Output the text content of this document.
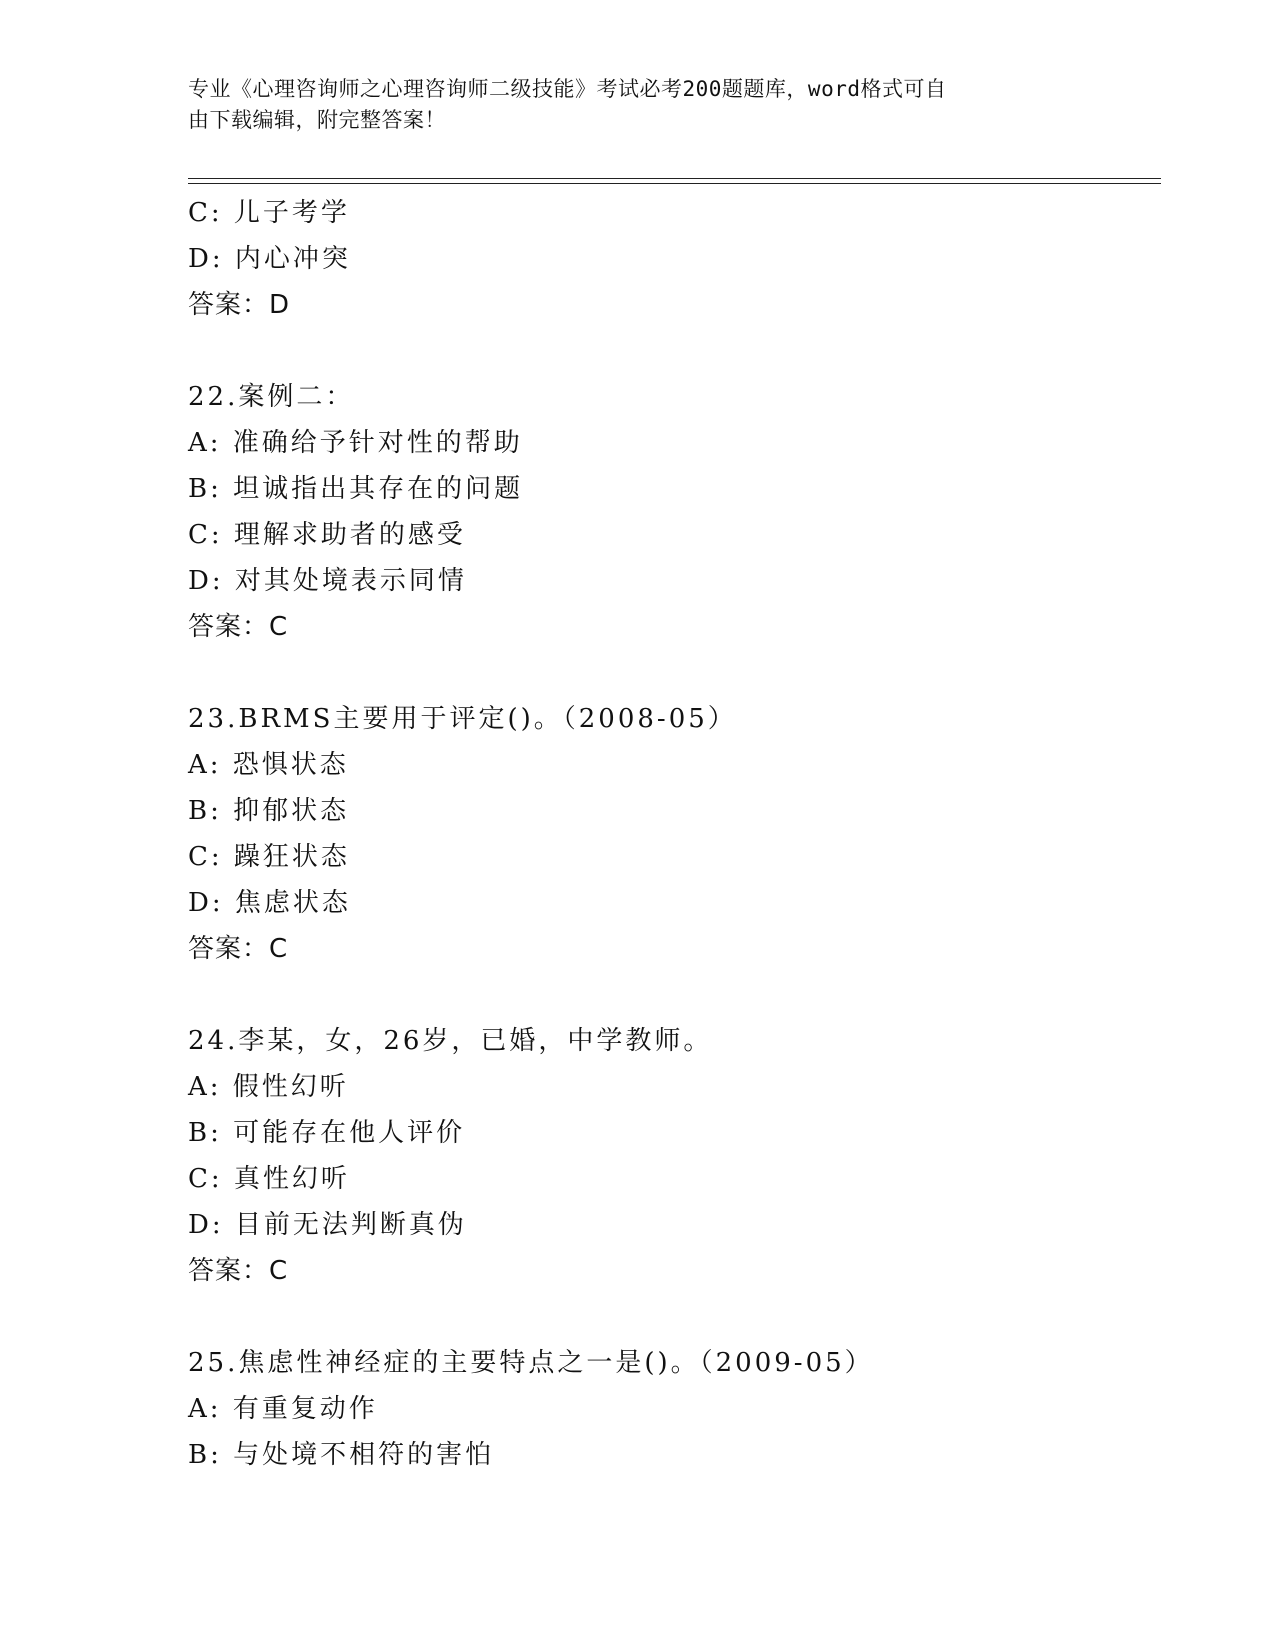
专业《心理咨询师之心理咨询师二级技能》考试必考200题题库，word格式可自
由下载编辑，附完整答案！
C: 儿子考学
D: 内心冲突
答案：D
22.案例二：
A: 准确给予针对性的帮助
B: 坦诚指出其存在的问题
C: 理解求助者的感受
D: 对其处境表示同情
答案：C
23.BRMS主要用于评定()。（2008-05）
A: 恐惧状态
B: 抑郁状态
C: 躁狂状态
D: 焦虑状态
答案：C
24.李某，女，26岁，已婚，中学教师。
A: 假性幻听
B: 可能存在他人评价
C: 真性幻听
D: 目前无法判断真伪
答案：C
25.焦虑性神经症的主要特点之一是()。（2009-05）
A: 有重复动作
B: 与处境不相符的害怕
